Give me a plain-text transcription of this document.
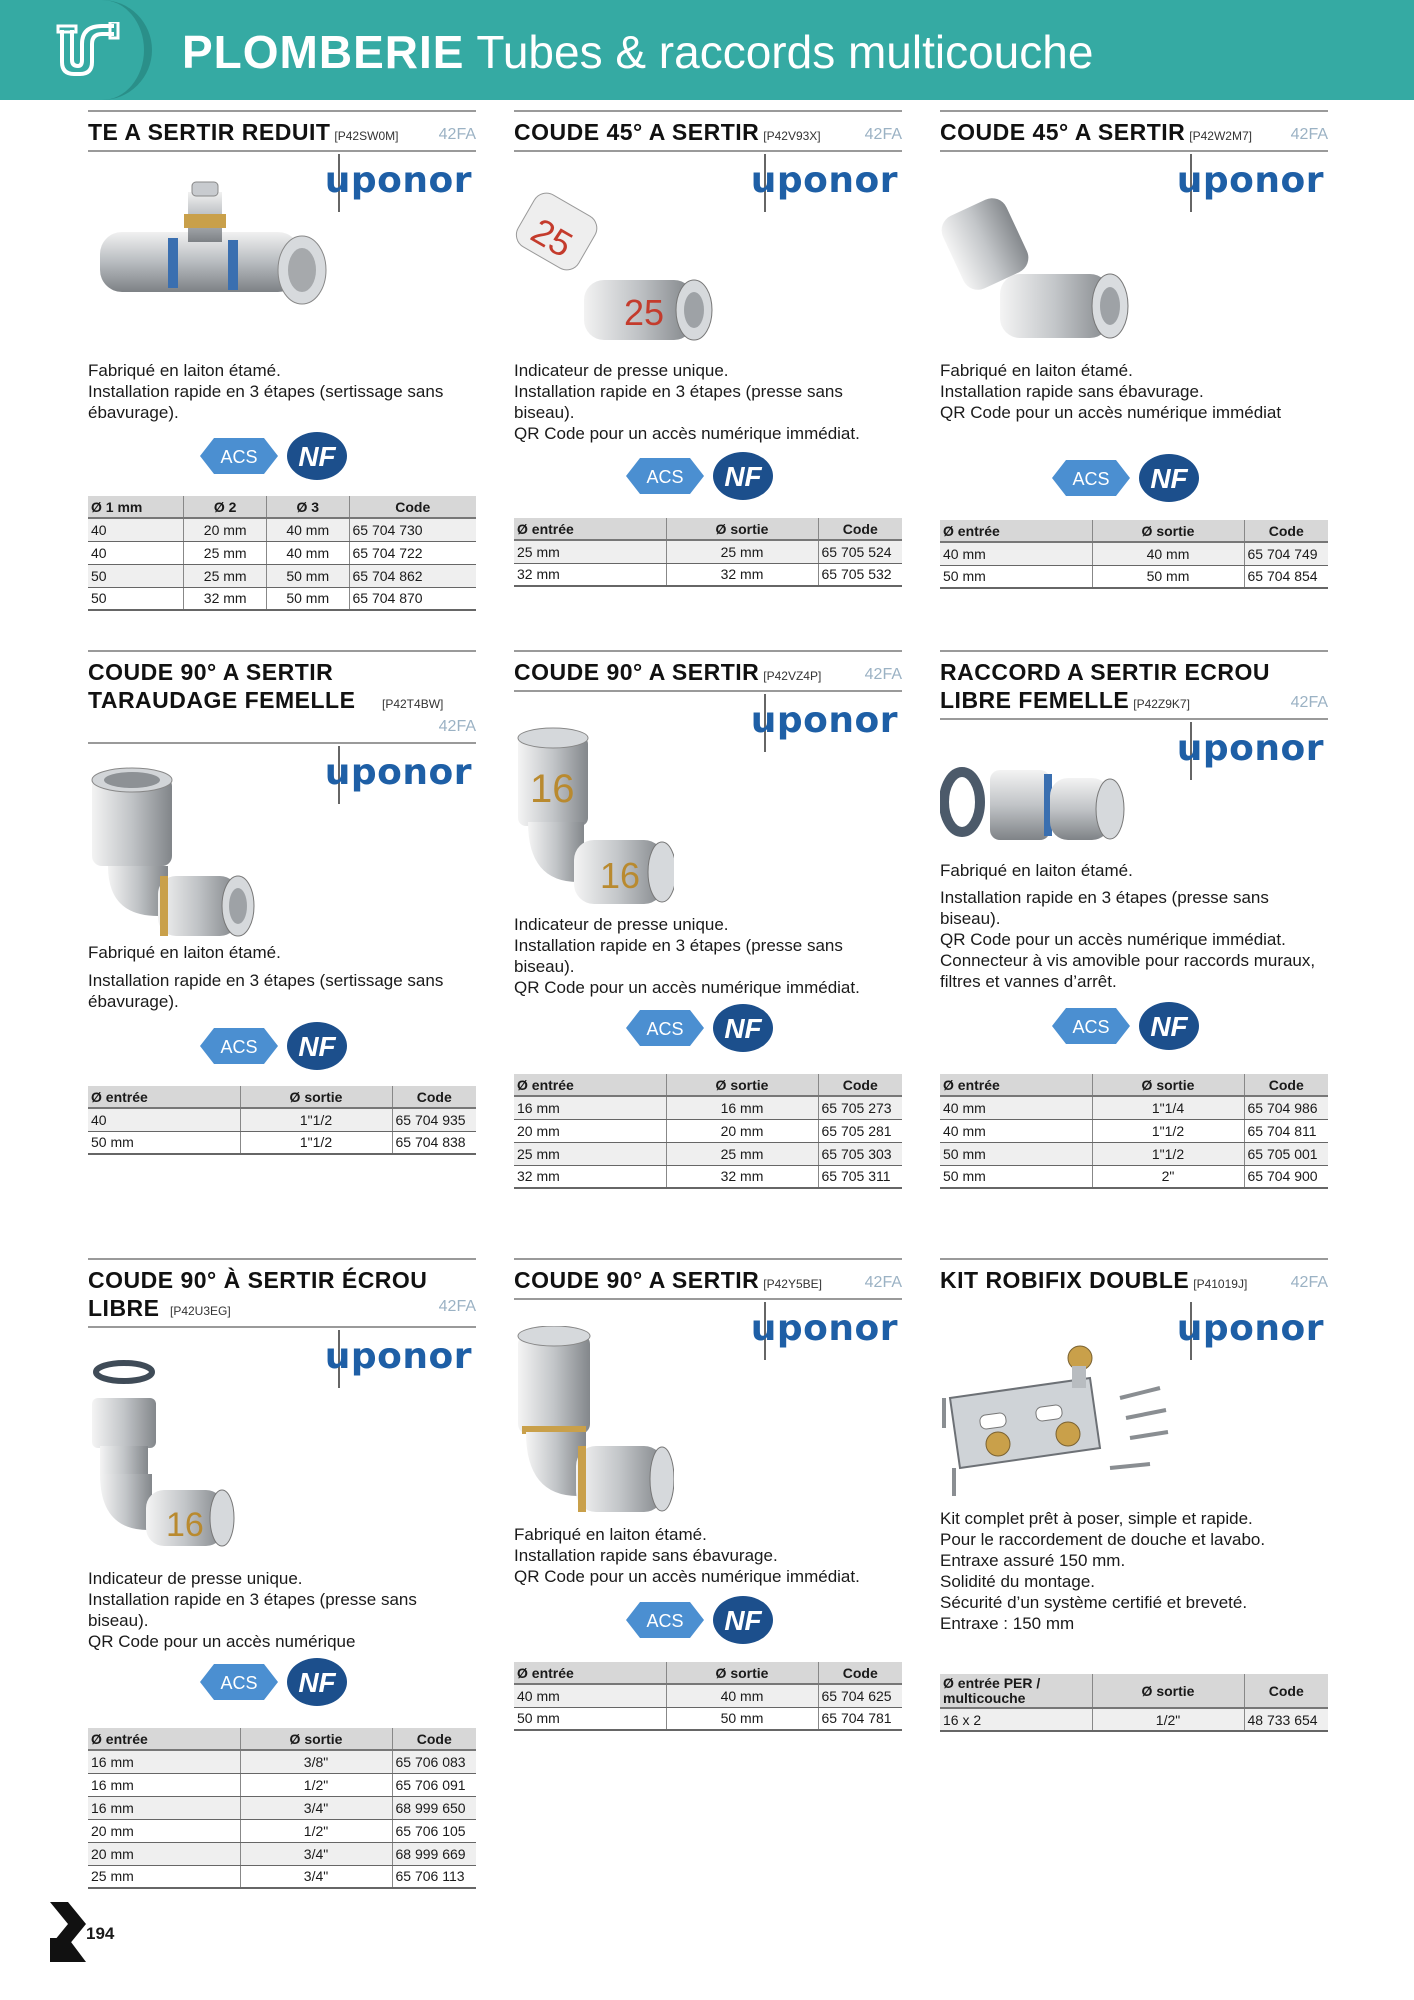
PLOMBERIE Tubes & raccords multicouche
TE A SERTIR REDUIT [P42SW0M]	42FA
uponor

Fabriqué en laiton étamé.

Installation rapide en 3 étapes (sertissage sans ébavurage).

ACS NF
Ø 1 mm	Ø 2	Ø 3	Code
40	20 mm	40 mm	65 704 730
40	25 mm	40 mm	65 704 722
50	25 mm	50 mm	65 704 862
50	32 mm	50 mm	65 704 870
COUDE 45° A SERTIR [P42V93X]	42FA
uponor
25
25

Indicateur de presse unique.

Installation rapide en 3 étapes (presse sans biseau).

QR Code pour un accès numérique immédiat.

ACS NF
Ø entrée	Ø sortie	Code
25 mm	25 mm	65 705 524
32 mm	32 mm	65 705 532
COUDE 45° A SERTIR [P42W2M7] 42FA
uponor

Fabriqué en laiton étamé.

Installation rapide sans ébavurage.

QR Code pour un accès numérique immédiat

ACS NF
Ø entrée	Ø sortie	Code
40 mm	40 mm	65 704 749
50 mm	50 mm	65 704 854
COUDE 90° A SERTIR TARAUDAGE FEMELLE [P42T4BW]
42FA
uponor

Fabriqué en laiton étamé.

Installation rapide en 3 étapes (sertissage sans ébavurage).

ACS NF
Ø entrée	Ø sortie	Code
40	1"1/2	65 704 935
50 mm	1"1/2	65 704 838
COUDE 90° A SERTIR [P42VZ4P]	42FA
uponor
16
16

Indicateur de presse unique.

Installation rapide en 3 étapes (presse sans biseau).

QR Code pour un accès numérique immédiat.

ACS NF
Ø entrée	Ø sortie	Code
16 mm	16 mm	65 705 273
20 mm	20 mm	65 705 281
25 mm	25 mm	65 705 303
32 mm	32 mm	65 705 311
RACCORD A SERTIR ECROU LIBRE FEMELLE [P42Z9K7]	42FA
uponor

Fabriqué en laiton étamé.

Installation rapide en 3 étapes (presse sans biseau).

QR Code pour un accès numérique immédiat.

Connecteur à vis amovible pour raccords muraux, filtres et vannes d’arrêt.

ACS NF
Ø entrée	Ø sortie	Code
40 mm	1"1/4	65 704 986
40 mm	1"1/2	65 704 811
50 mm	1"1/2	65 705 001
50 mm	2"	65 704 900
COUDE 90° À SERTIR ÉCROU LIBRE [P42U3EG]	42FA
uponor
16

Indicateur de presse unique.

Installation rapide en 3 étapes (presse sans biseau).

QR Code pour un accès numérique

ACS NF
Ø entrée	Ø sortie	Code
16 mm	3/8"	65 706 083
16 mm	1/2"	65 706 091
16 mm	3/4"	68 999 650
20 mm	1/2"	65 706 105
20 mm	3/4"	68 999 669
25 mm	3/4"	65 706 113
COUDE 90° A SERTIR [P42Y5BE]	42FA
uponor

Fabriqué en laiton étamé.

Installation rapide sans ébavurage.

QR Code pour un accès numérique immédiat.

ACS NF
Ø entrée	Ø sortie	Code
40 mm	40 mm	65 704 625
50 mm	50 mm	65 704 781
KIT ROBIFIX DOUBLE [P41019J]	42FA
uponor

Kit complet prêt à poser, simple et rapide.

Pour le raccordement de douche et lavabo.

Entraxe assuré 150 mm.

Solidité du montage.

Sécurité d’un système certifié et breveté.

Entraxe : 150 mm

Ø entrée PER / multicouche	Ø sortie	Code
16 x 2	1/2"	48 733 654
194
